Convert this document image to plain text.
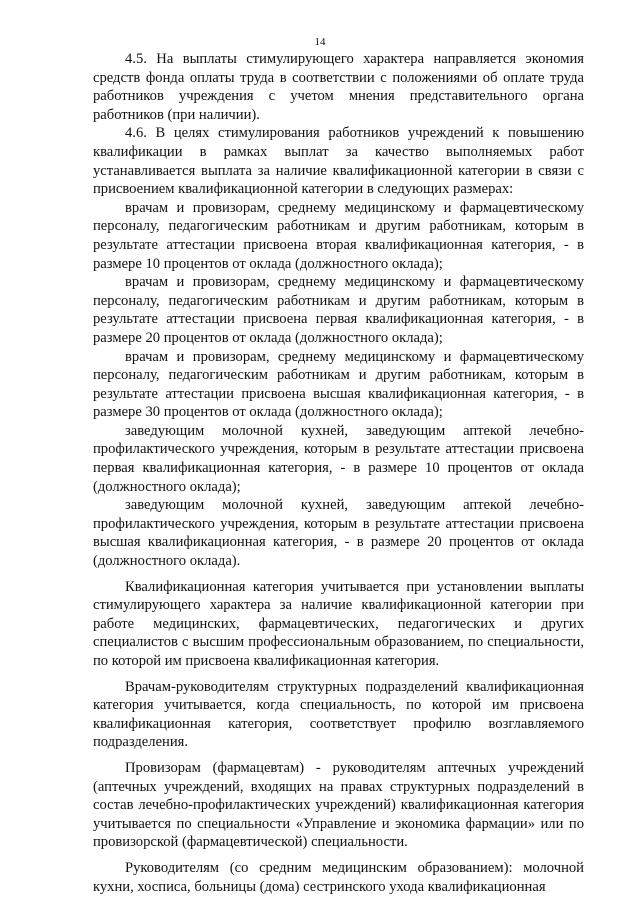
14

4.5. На выплаты стимулирующего характера направляется экономия средств фонда оплаты труда в соответствии с положениями об оплате труда работников учреждения с учетом мнения представительного органа работников (при наличии).

4.6. В целях стимулирования работников учреждений к повышению квалификации в рамках выплат за качество выполняемых работ устанавливается выплата за наличие квалификационной категории в связи с присвоением квалификационной категории в следующих размерах:

врачам и провизорам, среднему медицинскому и фармацевтическому персоналу, педагогическим работникам и другим работникам, которым в результате аттестации присвоена вторая квалификационная категория, - в размере 10 процентов от оклада (должностного оклада);

врачам и провизорам, среднему медицинскому и фармацевтическому персоналу, педагогическим работникам и другим работникам, которым в результате аттестации присвоена первая квалификационная категория, - в размере 20 процентов от оклада (должностного оклада);

врачам и провизорам, среднему медицинскому и фармацевтическому персоналу, педагогическим работникам и другим работникам, которым в результате аттестации присвоена высшая квалификационная категория, - в размере 30 процентов от оклада (должностного оклада);

заведующим молочной кухней, заведующим аптекой лечебно-профилактического учреждения, которым в результате аттестации присвоена первая квалификационная категория, - в размере 10 процентов от оклада (должностного оклада);

заведующим молочной кухней, заведующим аптекой лечебно-профилактического учреждения, которым в результате аттестации присвоена высшая квалификационная категория, - в размере 20 процентов от оклада (должностного оклада).

Квалификационная категория учитывается при установлении выплаты стимулирующего характера за наличие квалификационной категории при работе медицинских, фармацевтических, педагогических и других специалистов с высшим профессиональным образованием, по специальности, по которой им присвоена квалификационная категория.

Врачам-руководителям структурных подразделений квалификационная категория учитывается, когда специальность, по которой им присвоена квалификационная категория, соответствует профилю возглавляемого подразделения.

Провизорам (фармацевтам) - руководителям аптечных учреждений (аптечных учреждений, входящих на правах структурных подразделений в состав лечебно-профилактических учреждений) квалификационная категория учитывается по специальности «Управление и экономика фармации» или по провизорской (фармацевтической) специальности.

Руководителям (со средним медицинским образованием): молочной кухни, хосписа, больницы (дома) сестринского ухода квалификационная
